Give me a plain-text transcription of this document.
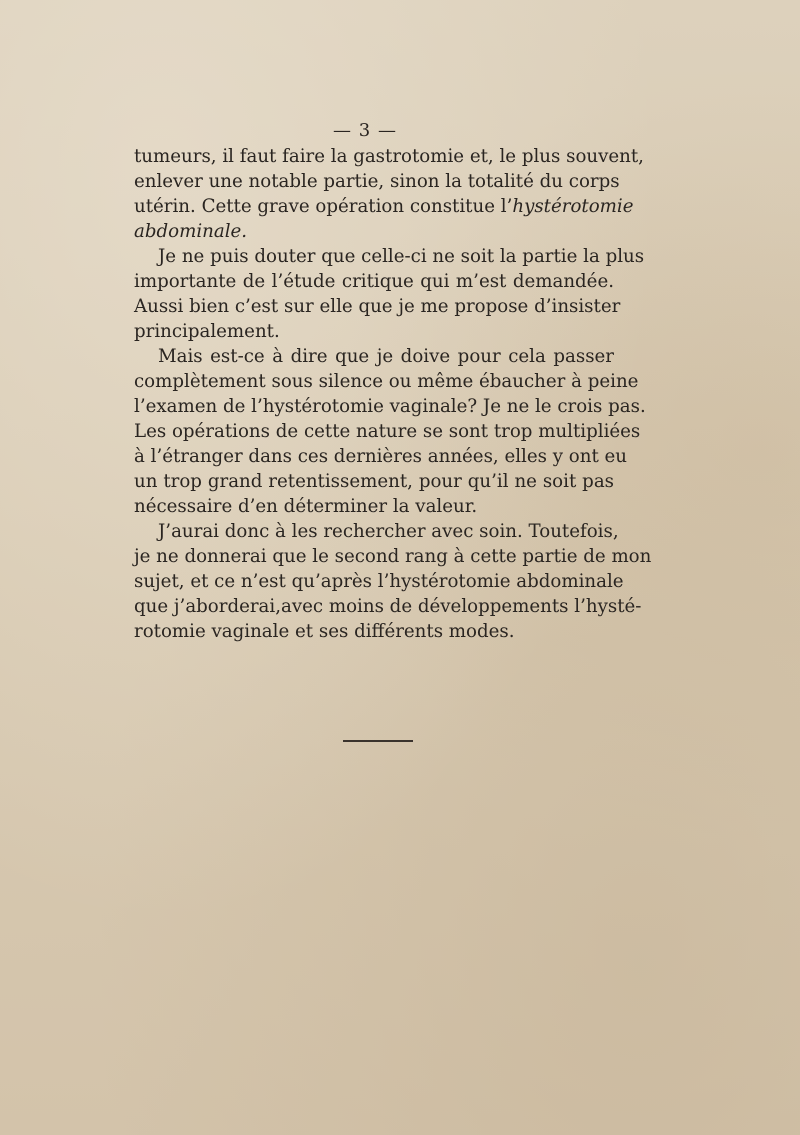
— 3 —
tumeurs, il faut faire la gastrotomie et, le plus souvent,
enlever une notable partie, sinon la totalité du corps
utérin. Cette grave opération constitue l’hystérotomie
abdominale.
Je ne puis douter que celle-ci ne soit la partie la plus
importante de l’étude critique qui m’est demandée.
Aussi bien c’est sur elle que je me propose d’insister
principalement.
Mais est-ce à dire que je doive pour cela passer
complètement sous silence ou même ébaucher à peine
l’examen de l’hystérotomie vaginale? Je ne le crois pas.
Les opérations de cette nature se sont trop multipliées
à l’étranger dans ces dernières années, elles y ont eu
un trop grand retentissement, pour qu’il ne soit pas
nécessaire d’en déterminer la valeur.
J’aurai donc à les rechercher avec soin. Toutefois,
je ne donnerai que le second rang à cette partie de mon
sujet, et ce n’est qu’après l’hystérotomie abdominale
que j’aborderai,avec moins de développements l’hysté-
rotomie vaginale et ses différents modes.
